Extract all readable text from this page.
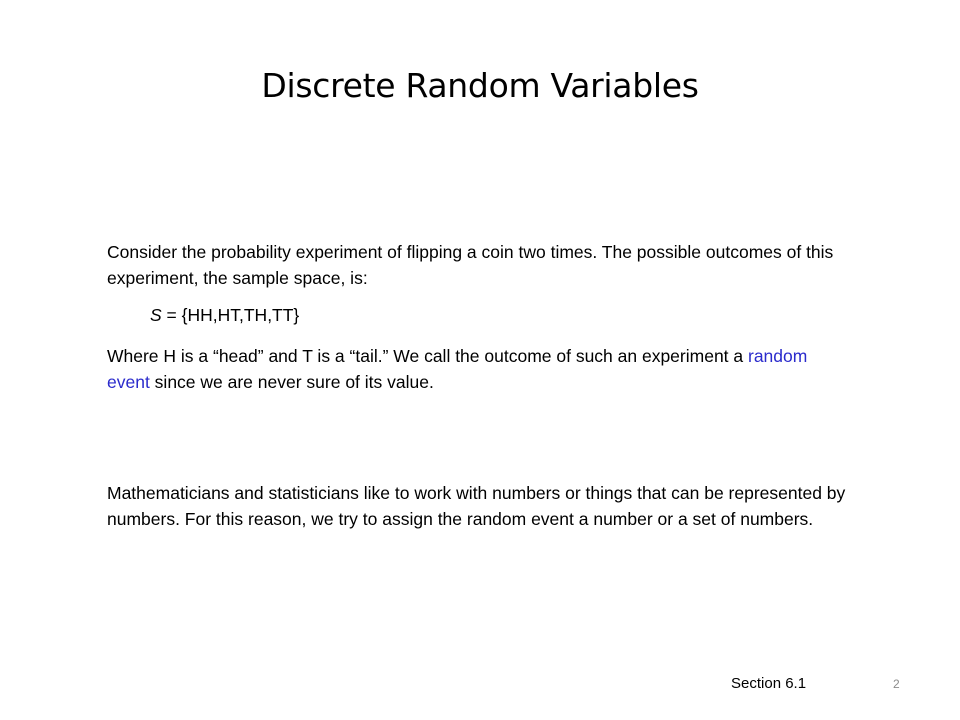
Discrete Random Variables

Consider the probability experiment of flipping a coin two times. The possible outcomes of this experiment, the sample space, is:

S = {HH,HT,TH,TT}

Where H is a “head” and T is a “tail.” We call the outcome of such an experiment a random event since we are never sure of its value.

Mathematicians and statisticians like to work with numbers or things that can be represented by numbers. For this reason, we try to assign the random event a number or a set of numbers.

Section 6.1	2
